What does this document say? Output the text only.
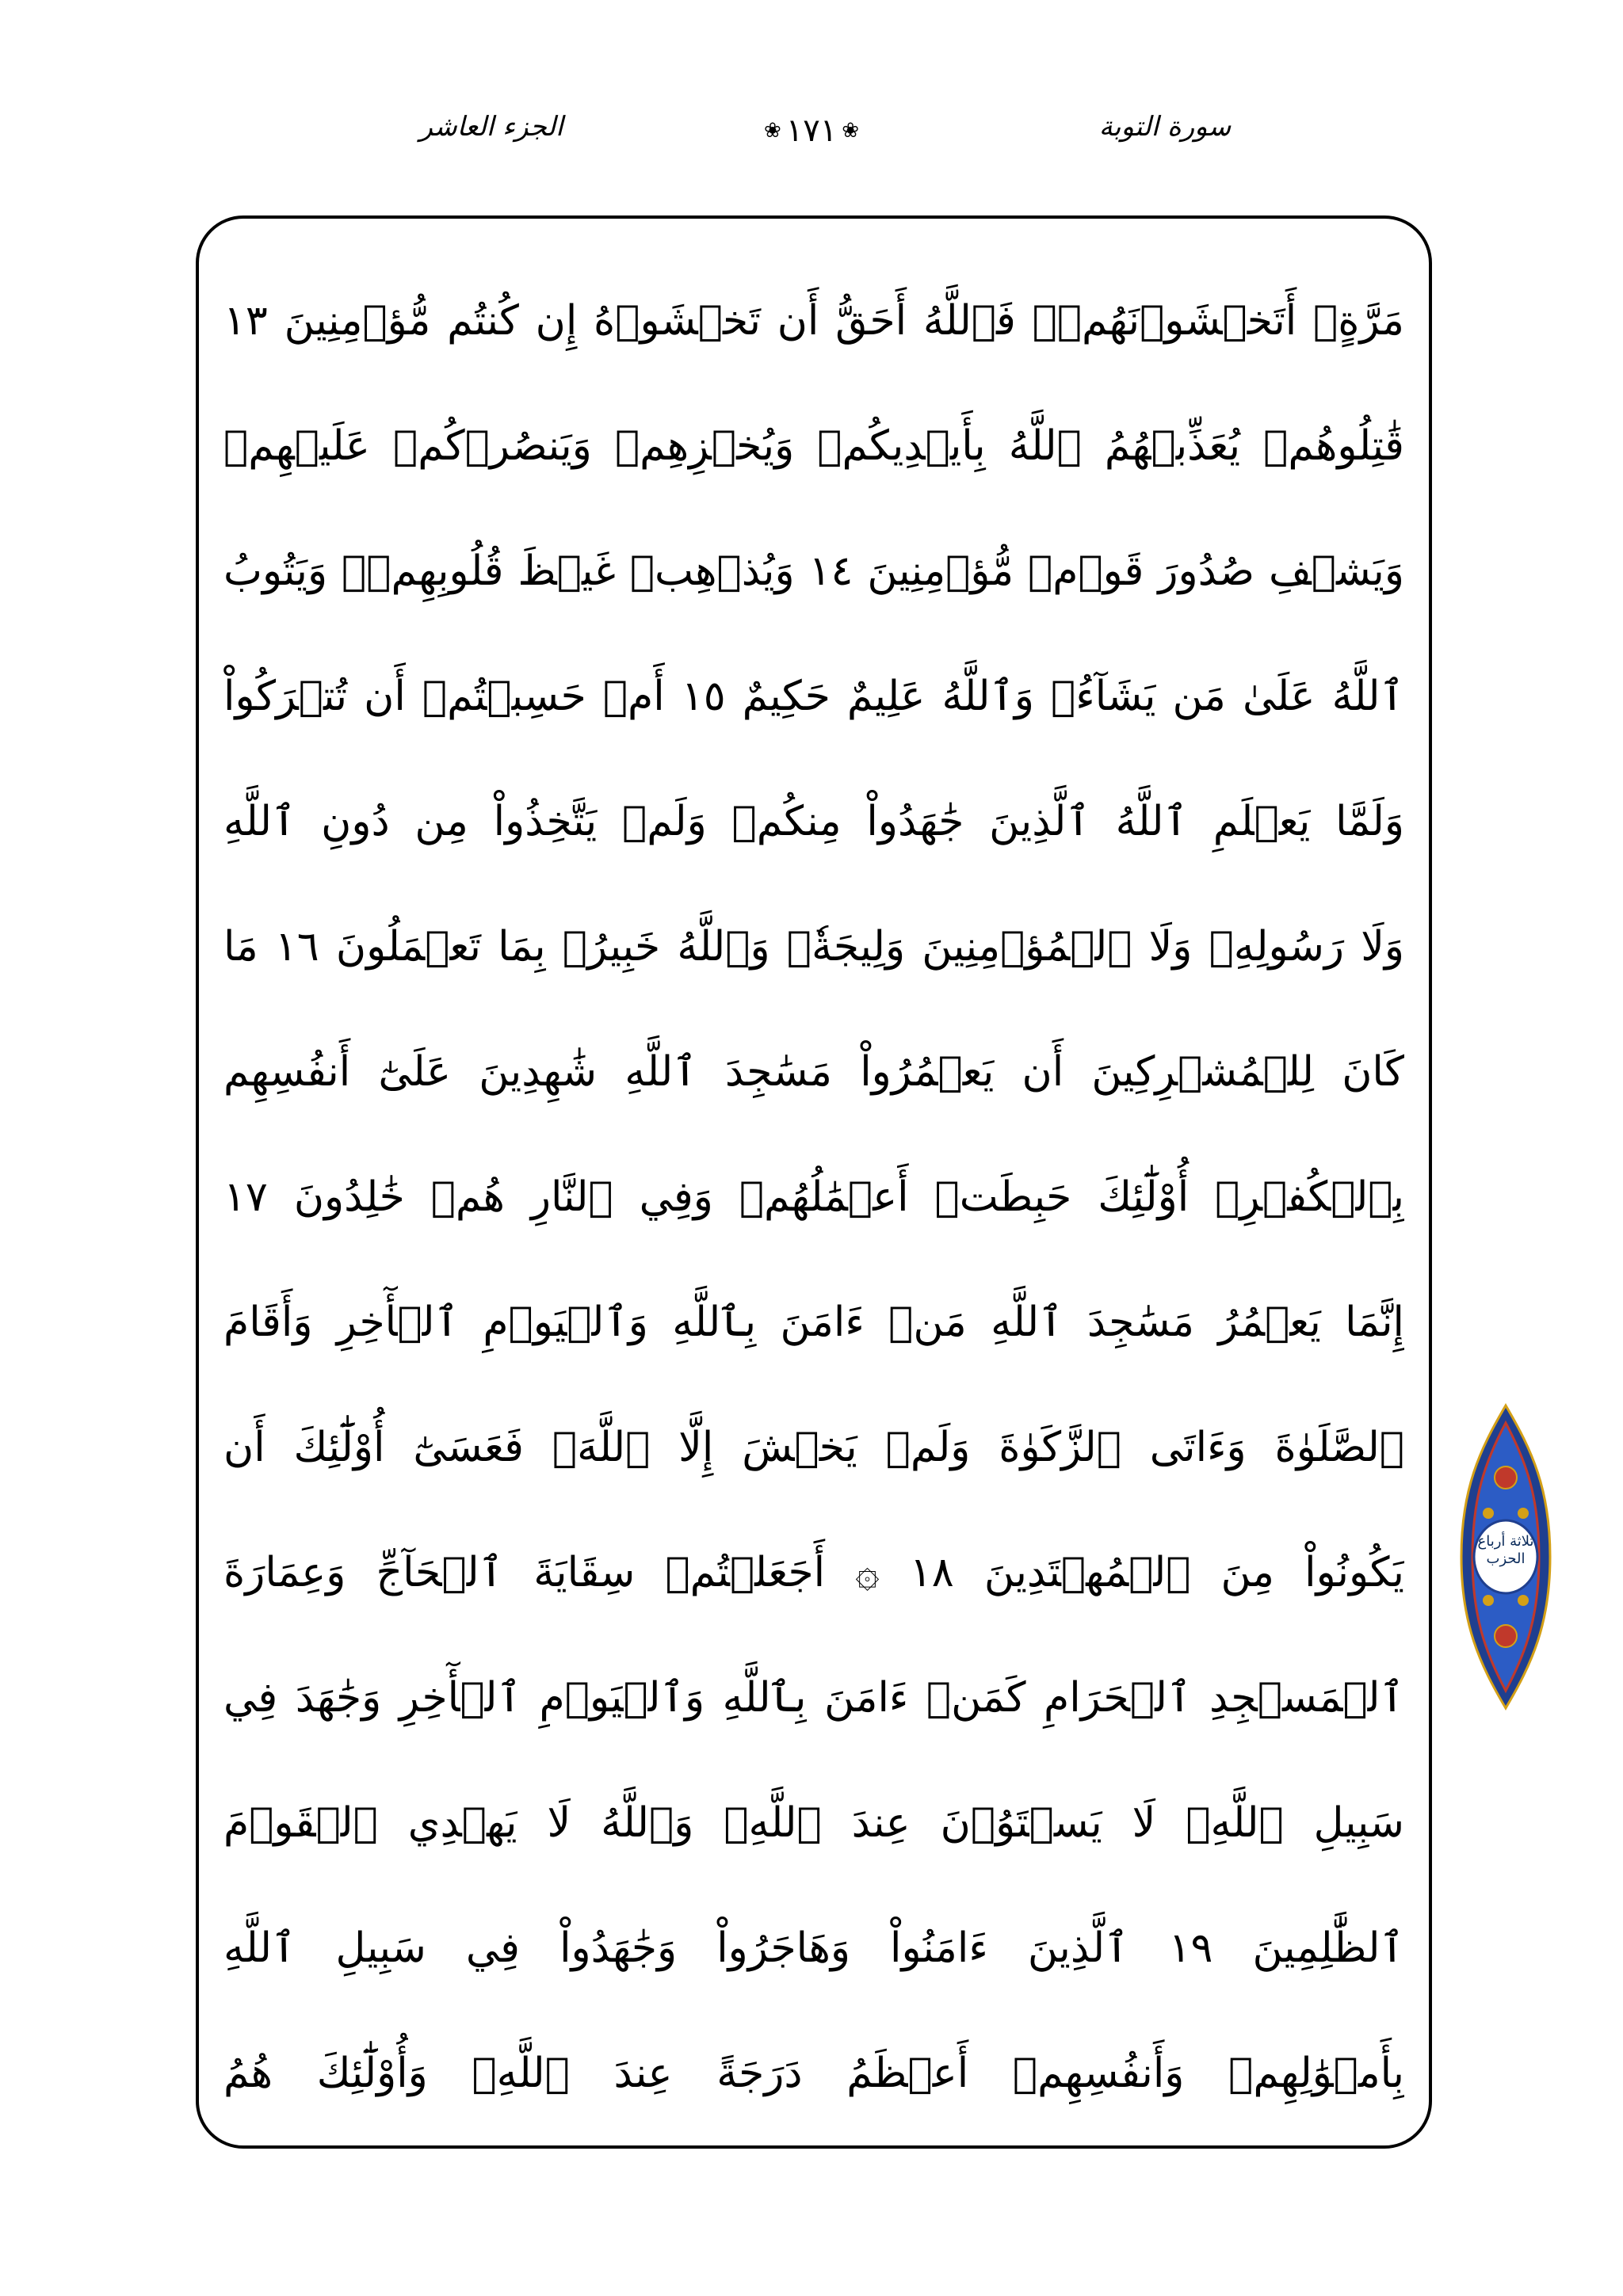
الجزء العاشر	❀ ١٧١ ❀	سورة التوبة
مَرَّةٍۚ أَتَخۡشَوۡنَهُمۡۚ فَٱللَّهُ أَحَقُّ أَن تَخۡشَوۡهُ إِن كُنتُم مُّؤۡمِنِينَ ١٣
قَٰتِلُوهُمۡ يُعَذِّبۡهُمُ ٱللَّهُ بِأَيۡدِيكُمۡ وَيُخۡزِهِمۡ وَيَنصُرۡكُمۡ عَلَيۡهِمۡ
وَيَشۡفِ صُدُورَ قَوۡمٖ مُّؤۡمِنِينَ ١٤ وَيُذۡهِبۡ غَيۡظَ قُلُوبِهِمۡۗ وَيَتُوبُ
ٱللَّهُ عَلَىٰ مَن يَشَآءُۗ وَٱللَّهُ عَلِيمٌ حَكِيمٌ ١٥ أَمۡ حَسِبۡتُمۡ أَن تُتۡرَكُواْ
وَلَمَّا يَعۡلَمِ ٱللَّهُ ٱلَّذِينَ جَٰهَدُواْ مِنكُمۡ وَلَمۡ يَتَّخِذُواْ مِن دُونِ ٱللَّهِ
وَلَا رَسُولِهِۦ وَلَا ٱلۡمُؤۡمِنِينَ وَلِيجَةٗۚ وَٱللَّهُ خَبِيرُۢ بِمَا تَعۡمَلُونَ ١٦ مَا
كَانَ لِلۡمُشۡرِكِينَ أَن يَعۡمُرُواْ مَسَٰجِدَ ٱللَّهِ شَٰهِدِينَ عَلَىٰٓ أَنفُسِهِم
بِٱلۡكُفۡرِۚ أُوْلَٰٓئِكَ حَبِطَتۡ أَعۡمَٰلُهُمۡ وَفِي ٱلنَّارِ هُمۡ خَٰلِدُونَ ١٧
إِنَّمَا يَعۡمُرُ مَسَٰجِدَ ٱللَّهِ مَنۡ ءَامَنَ بِٱللَّهِ وَٱلۡيَوۡمِ ٱلۡأٓخِرِ وَأَقَامَ
ٱلصَّلَوٰةَ وَءَاتَى ٱلزَّكَوٰةَ وَلَمۡ يَخۡشَ إِلَّا ٱللَّهَۖ فَعَسَىٰٓ أُوْلَٰٓئِكَ أَن
يَكُونُواْ مِنَ ٱلۡمُهۡتَدِينَ ١٨ ۞ أَجَعَلۡتُمۡ سِقَايَةَ ٱلۡحَآجِّ وَعِمَارَةَ
ٱلۡمَسۡجِدِ ٱلۡحَرَامِ كَمَنۡ ءَامَنَ بِٱللَّهِ وَٱلۡيَوۡمِ ٱلۡأٓخِرِ وَجَٰهَدَ فِي
سَبِيلِ ٱللَّهِۚ لَا يَسۡتَوُۥنَ عِندَ ٱللَّهِۗ وَٱللَّهُ لَا يَهۡدِي ٱلۡقَوۡمَ
ٱلظَّٰلِمِينَ ١٩ ٱلَّذِينَ ءَامَنُواْ وَهَاجَرُواْ وَجَٰهَدُواْ فِي سَبِيلِ ٱللَّهِ
بِأَمۡوَٰلِهِمۡ وَأَنفُسِهِمۡ أَعۡظَمُ دَرَجَةً عِندَ ٱللَّهِۚ وَأُوْلَٰٓئِكَ هُمُ
ثلاثة أرباع الحزب
